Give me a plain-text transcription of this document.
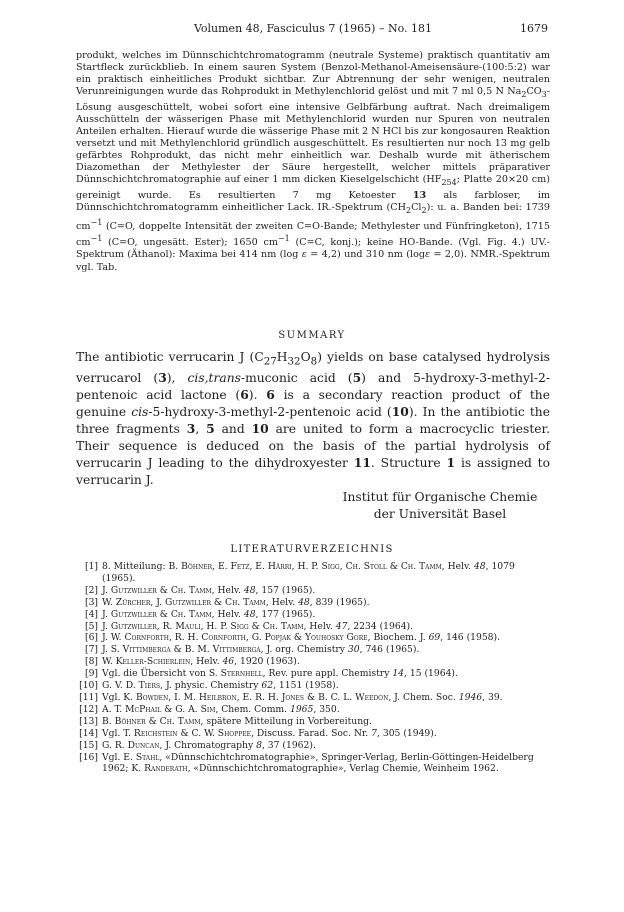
Volumen 48, Fasciculus 7 (1965) – No. 181	1679

produkt, welches im Dünnschichtchromatogramm (neutrale Systeme) praktisch quantitativ am Startfleck zurückblieb. In einem sauren System (Benzol-Methanol-Ameisensäure-(100:5:2) war ein praktisch einheitliches Produkt sichtbar. Zur Abtrennung der sehr wenigen, neutralen Verunreinigungen wurde das Rohprodukt in Methylenchlorid gelöst und mit 7 ml 0,5 N $Na_2CO_3$-Lösung ausgeschüttelt, wobei sofort eine intensive Gelbfärbung auftrat. Nach dreimaligem Ausschütteln der wässerigen Phase mit Methylenchlorid wurden nur Spuren von neutralen Anteilen erhalten. Hierauf wurde die wässerige Phase mit 2 N HCl bis zur kongosauren Reaktion versetzt und mit Methylenchlorid gründlich ausgeschüttelt. Es resultierten nur noch 13 mg gelb gefärbtes Rohprodukt, das nicht mehr einheitlich war. Deshalb wurde mit ätherischem Diazomethan der Methylester der Säure hergestellt, welcher mittels präparativer Dünnschichtchromatographie auf einer 1 mm dicken Kieselgelschicht ($HF_{254}$; Platte 20×20 cm) gereinigt wurde. Es resultierten 7 mg Ketoester 13 als farbloser, im Dünnschichtchromatogramm einheitlicher Lack. IR.-Spektrum $(CH_2Cl_2)$: u. a. Banden bei: 1739 $cm^{-1}$ (C=O, doppelte Intensität der zweiten C=O-Bande; Methylester und Fünfringketon), 1715 $cm^{-1}$ (C=O, ungesätt. Ester); 1650 $cm^{-1}$ (C=C, konj.); keine HO-Bande. (Vgl. Fig. 4.) UV.-Spektrum (Äthanol): Maxima bei 414 nm (log ε = 4,2) und 310 nm (logε = 2,0). NMR.-Spektrum vgl. Tab.

SUMMARY

The antibiotic verrucarin J $(C_{27}H_{32}O_8)$ yields on base catalysed hydrolysis verrucarol (3), cis,trans-muconic acid (5) and 5-hydroxy-3-methyl-2-pentenoic acid lactone (6). 6 is a secondary reaction product of the genuine cis-5-hydroxy-3-methyl-2-pentenoic acid (10). In the antibiotic the three fragments 3, 5 and 10 are united to form a macrocyclic triester. Their sequence is deduced on the basis of the partial hydrolysis of verrucarin J leading to the dihydroxyester 11. Structure 1 is assigned to verrucarin J.

Institut für Organische Chemie
der Universität Basel
LITERATURVERZEICHNIS
[1] 8. Mitteilung: B. Böhner, E. Fetz, E. Härri, H. P. Sigg, Ch. Stoll & Ch. Tamm, Helv. 48, 1079 (1965).
[2] J. Gutzwiller & Ch. Tamm, Helv. 48, 157 (1965).
[3] W. Zürcher, J. Gutzwiller & Ch. Tamm, Helv. 48, 839 (1965).
[4] J. Gutzwiller & Ch. Tamm, Helv. 48, 177 (1965).
[5] J. Gutzwiller, R. Mauli, H. P. Sigg & Ch. Tamm, Helv. 47, 2234 (1964).
[6] J. W. Cornforth, R. H. Cornforth, G. Popjak & Youhosky Gore, Biochem. J. 69, 146 (1958).
[7] J. S. Vittimberga & B. M. Vittimberga, J. org. Chemistry 30, 746 (1965).
[8] W. Keller-Schierlein, Helv. 46, 1920 (1963).
[9] Vgl. die Übersicht von S. Sternhell, Rev. pure appl. Chemistry 14, 15 (1964).
[10] G. V. D. Tiers, J. physic. Chemistry 62, 1151 (1958).
[11] Vgl. K. Bowden, I. M. Heilbron, E. R. H. Jones & B. C. L. Weedon, J. Chem. Soc. 1946, 39.
[12] A. T. McPhail & G. A. Sim, Chem. Comm. 1965, 350.
[13] B. Böhner & Ch. Tamm, spätere Mitteilung in Vorbereitung.
[14] Vgl. T. Reichstein & C. W. Shoppee, Discuss. Farad. Soc. Nr. 7, 305 (1949).
[15] G. R. Duncan, J. Chromatography 8, 37 (1962).
[16] Vgl. E. Stahl, «Dünnschichtchromatographie», Springer-Verlag, Berlin-Göttingen-Heidelberg 1962; K. Randerath, «Dünnschichtchromatographie», Verlag Chemie, Weinheim 1962.
